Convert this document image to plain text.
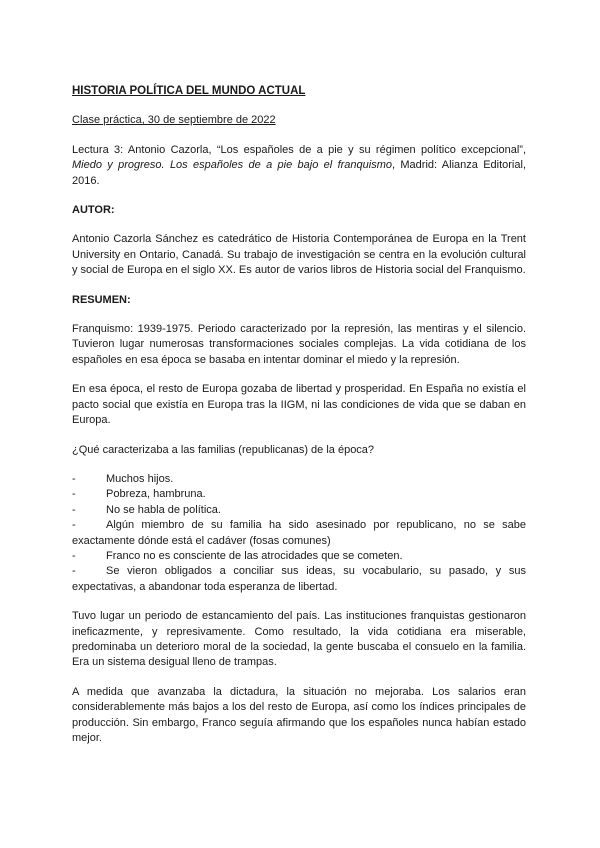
HISTORIA POLÍTICA DEL MUNDO ACTUAL
Clase práctica, 30 de septiembre de 2022

Lectura 3: Antonio Cazorla, “Los españoles de a pie y su régimen político excepcional”, Miedo y progreso. Los españoles de a pie bajo el franquismo, Madrid: Alianza Editorial, 2016.

AUTOR:

Antonio Cazorla Sánchez es catedrático de Historia Contemporánea de Europa en la Trent University en Ontario, Canadá. Su trabajo de investigación se centra en la evolución cultural y social de Europa en el siglo XX. Es autor de varios libros de Historia social del Franquismo.

RESUMEN:

Franquismo: 1939-1975. Periodo caracterizado por la represión, las mentiras y el silencio. Tuvieron lugar numerosas transformaciones sociales complejas. La vida cotidiana de los españoles en esa época se basaba en intentar dominar el miedo y la represión.

En esa época, el resto de Europa gozaba de libertad y prosperidad. En España no existía el pacto social que existía en Europa tras la IIGM, ni las condiciones de vida que se daban en Europa.

¿Qué caracterizaba a las familias (republicanas) de la época?

-	Muchos hijos.
-	Pobreza, hambruna.
-	No se habla de política.
-	Algún miembro de su familia ha sido asesinado por republicano, no se sabe exactamente dónde está el cadáver (fosas comunes)
-	Franco no es consciente de las atrocidades que se cometen.
-	Se vieron obligados a conciliar sus ideas, su vocabulario, su pasado, y sus expectativas, a abandonar toda esperanza de libertad.

Tuvo lugar un periodo de estancamiento del país. Las instituciones franquistas gestionaron ineficazmente, y represivamente. Como resultado, la vida cotidiana era miserable, predominaba un deterioro moral de la sociedad, la gente buscaba el consuelo en la familia. Era un sistema desigual lleno de trampas.

A medida que avanzaba la dictadura, la situación no mejoraba. Los salarios eran considerablemente más bajos a los del resto de Europa, así como los índices principales de producción. Sin embargo, Franco seguía afirmando que los españoles nunca habían estado mejor.
